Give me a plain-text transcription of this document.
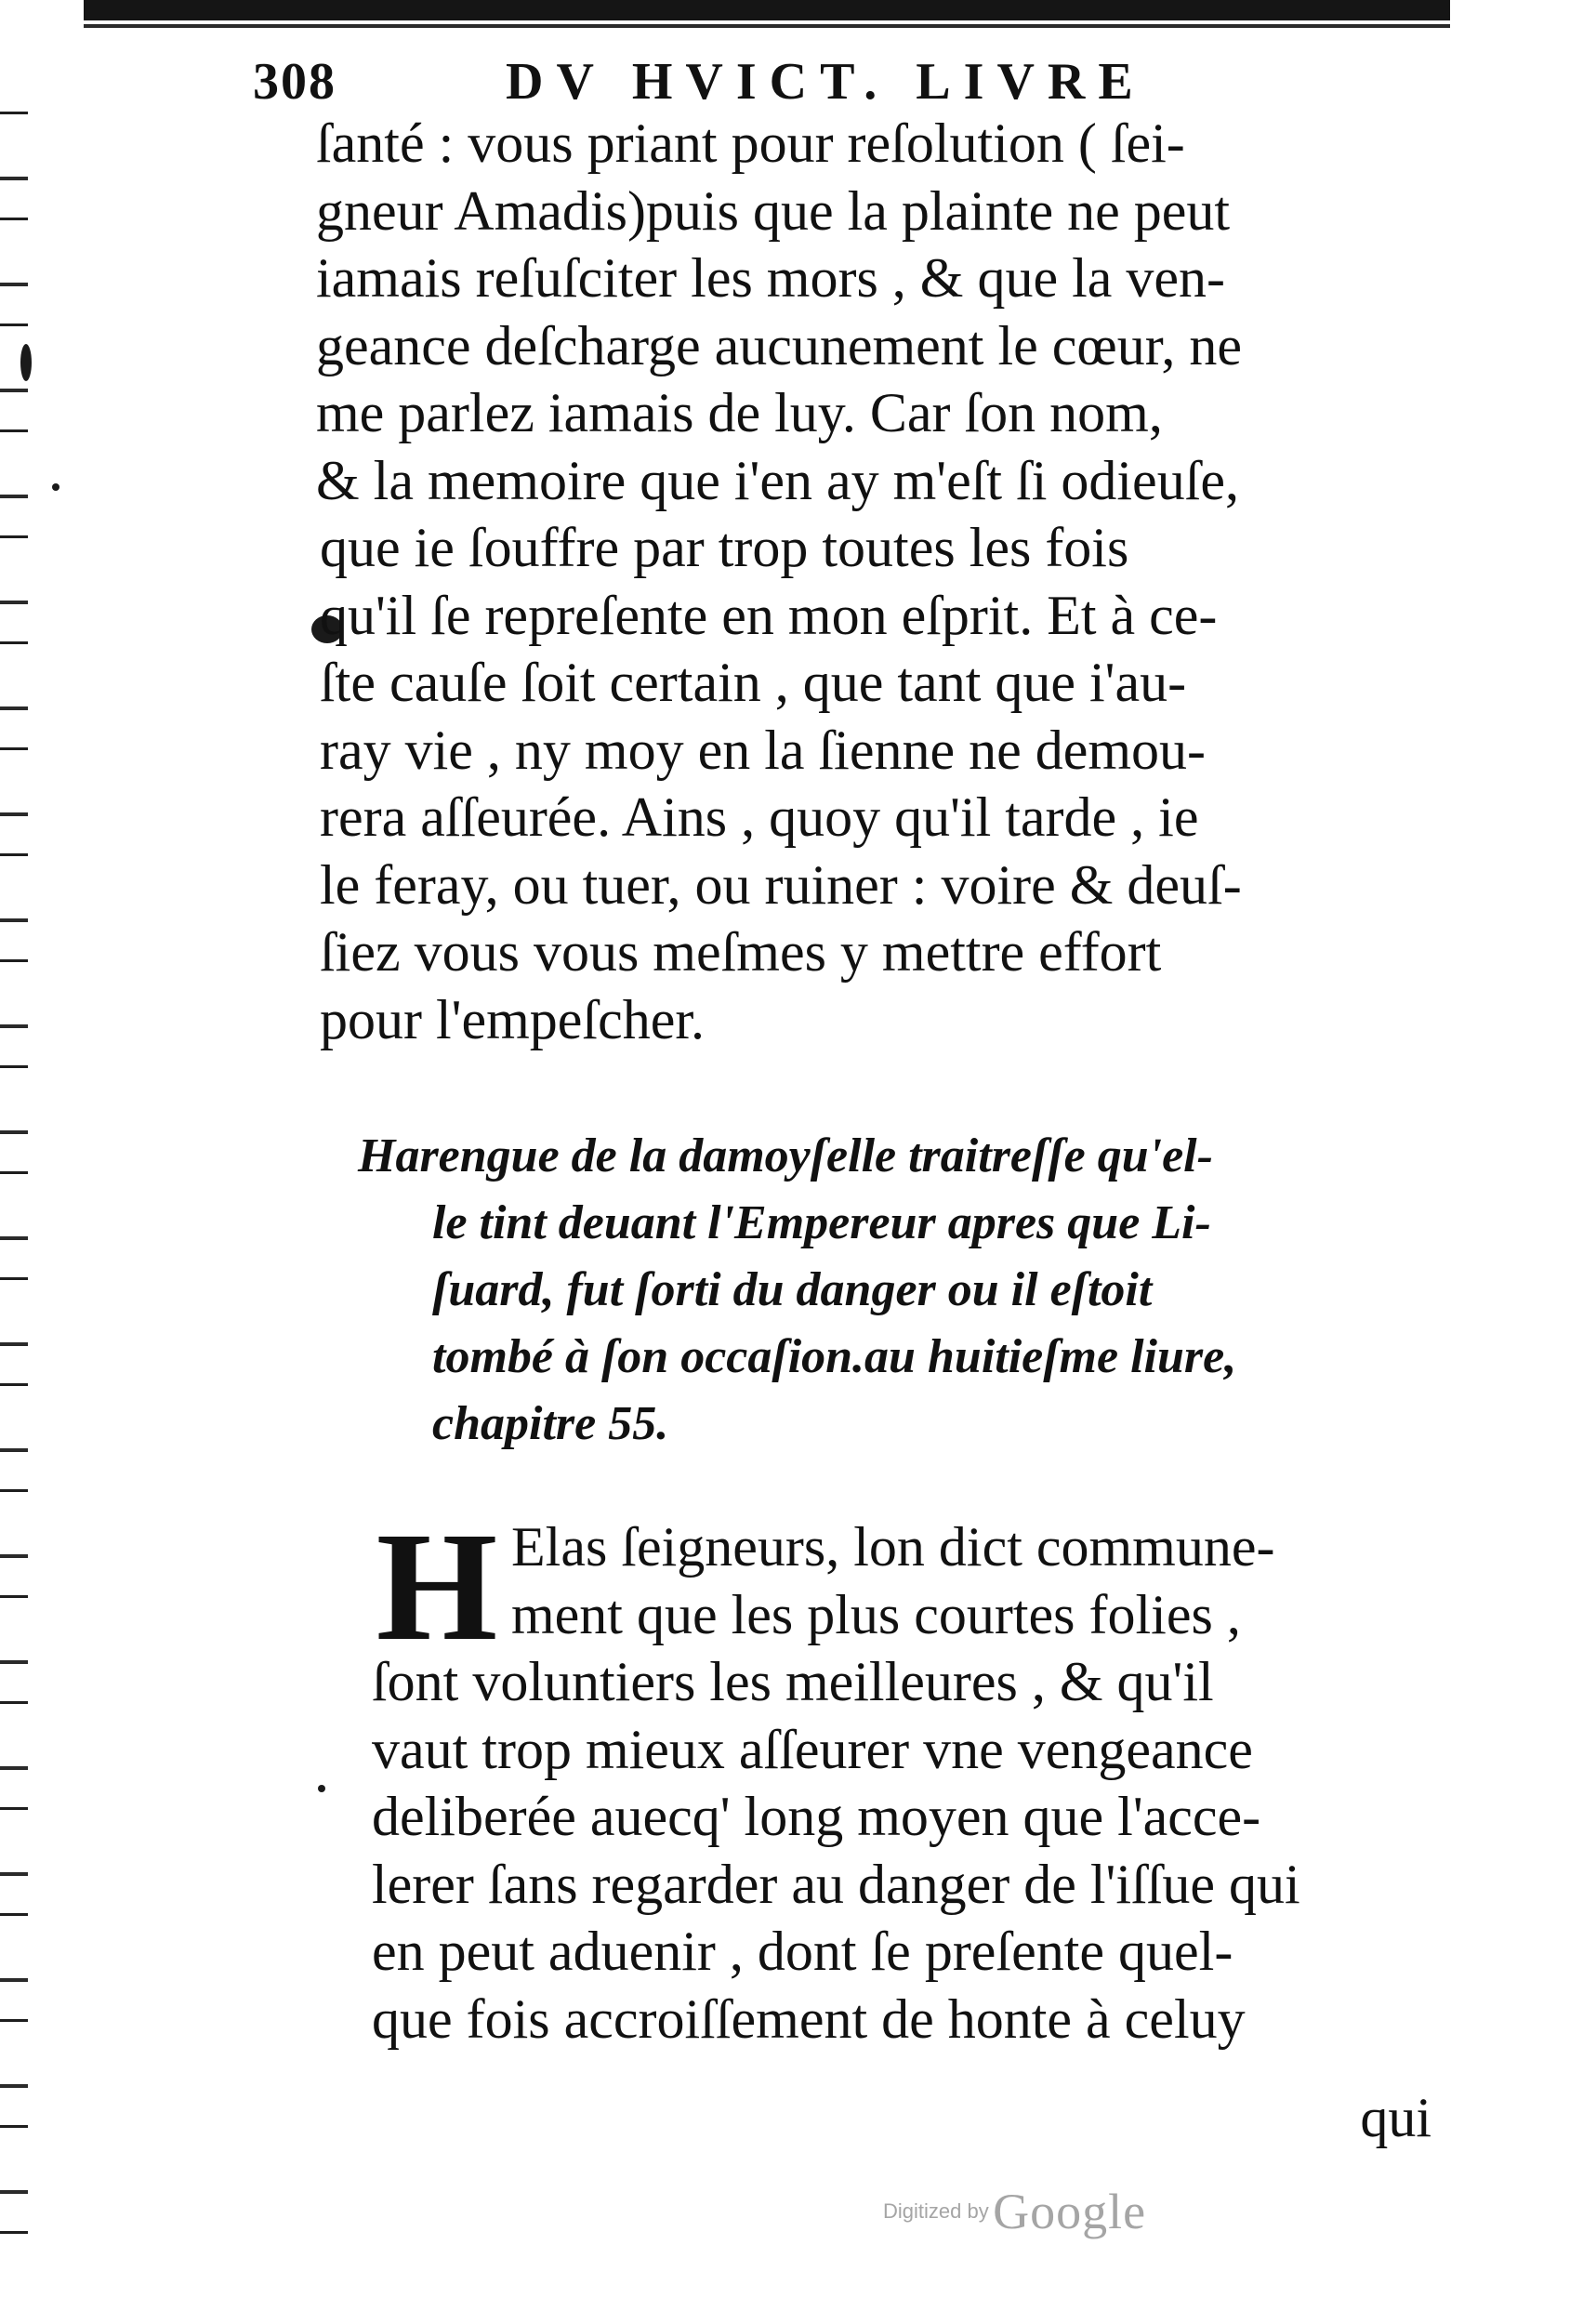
308	DV HVICT. LIVRE
ſanté : vous priant pour reſolution ( ſei-
gneur Amadis)puis que la plainte ne peut
iamais reſuſciter les mors , & que la ven-
geance deſcharge aucunement le cœur, ne
me parlez iamais de luy. Car ſon nom,
& la memoire que i'en ay m'eſt ſi odieuſe,
que ie ſouffre par trop toutes les fois
qu'il ſe repreſente en mon eſprit. Et à ce-
ſte cauſe ſoit certain , que tant que i'au-
ray vie , ny moy en la ſienne ne demou-
rera aſſeurée. Ains , quoy qu'il tarde , ie
le feray, ou tuer, ou ruiner : voire & deuſ-
ſiez vous vous meſmes y mettre effort
pour l'empeſcher.
Harengue de la damoyſelle traitreſſe qu'el-
le tint deuant l'Empereur apres que Li-
ſuard, fut ſorti du danger ou il eſtoit
tombé à ſon occaſion.au huitieſme liure,
chapitre 55.
H Elas ſeigneurs, lon dict commune-
ment que les plus courtes folies ,
ſont voluntiers les meilleures , & qu'il
vaut trop mieux aſſeurer vne vengeance
deliberée auecq' long moyen que l'acce-
lerer ſans regarder au danger de l'iſſue qui
en peut aduenir , dont ſe preſente quel-
que fois accroiſſement de honte à celuy
qui
Digitized by Google
